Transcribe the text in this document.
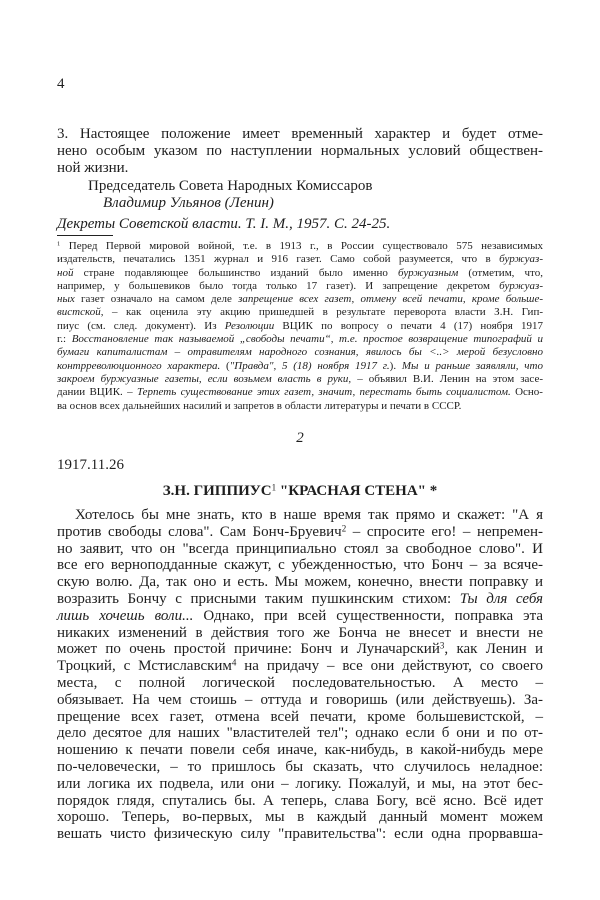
4
3. Настоящее положение имеет временный характер и будет отме-
нено особым указом по наступлении нормальных условий обществен-
ной жизни.
Председатель Совета Народных Комиссаров
Владимир Ульянов (Ленин)
Декреты Советской власти. Т. I. М., 1957. С. 24-25.
$^1$ Перед Первой мировой войной, т.е. в 1913 г., в России существовало 575 независимых
издательств, печатались 1351 журнал и 916 газет. Само собой разумеется, что в буржуаз-
ной стране подавляющее большинство изданий было именно буржуазным (отметим, что,
например, у большевиков было тогда только 17 газет). И запрещение декретом буржуаз-
ных газет означало на самом деле запрещение всех газет, отмену всей печати, кроме больше-
вистской, – как оценила эту акцию пришедшей в результате переворота власти З.Н. Гип-
пиус (см. след. документ). Из Резолюции ВЦИК по вопросу о печати 4 (17) ноября 1917
г.: Восстановление так называемой „свободы печати“, т.е. простое возвращение типографий и
бумаги капиталистам – отравителям народного сознания, явилось бы <..> мерой безусловно
контрреволюционного характера. ("Правда", 5 (18) ноября 1917 г.). Мы и раньше заявляли, что
закроем буржуазные газеты, если возьмем власть в руки, – объявил В.И. Ленин на этом засе-
дании ВЦИК. – Терпеть существование этих газет, значит, перестать быть социалистом. Осно-
ва основ всех дальнейших насилий и запретов в области литературы и печати в СССР.
2
1917.11.26
З.Н. ГИППИУС$^1$ "КРАСНАЯ СТЕНА" *
Хотелось бы мне знать, кто в наше время так прямо и скажет: "А я
против свободы слова". Сам Бонч-Бруевич$^2$ – спросите его! – непремен-
но заявит, что он "всегда принципиально стоял за свободное слово". И
все его верноподданные скажут, с убежденностью, что Бонч – за всяче-
скую волю. Да, так оно и есть. Мы можем, конечно, внести поправку и
возразить Бончу с присными таким пушкинским стихом: Ты для себя
лишь хочешь воли... Однако, при всей существенности, поправка эта
никаких изменений в действия того же Бонча не внесет и внести не
может по очень простой причине: Бонч и Луначарский$^3$, как Ленин и
Троцкий, с Мстиславским$^4$ на придачу – все они действуют, со своего
места, с полной логической последовательностью. А место –
обязывает. На чем стоишь – оттуда и говоришь (или действуешь). За-
прещение всех газет, отмена всей печати, кроме большевистской, –
дело десятое для наших "властителей тел"; однако если б они и по от-
ношению к печати повели себя иначе, как-нибудь, в какой-нибудь мере
по-человечески, – то пришлось бы сказать, что случилось неладное:
или логика их подвела, или они – логику. Пожалуй, и мы, на этот бес-
порядок глядя, спутались бы. А теперь, слава Богу, всё ясно. Всё идет
хорошо. Теперь, во-первых, мы в каждый данный момент можем
вешать чисто физическую силу "правительства": если одна прорвавша-
